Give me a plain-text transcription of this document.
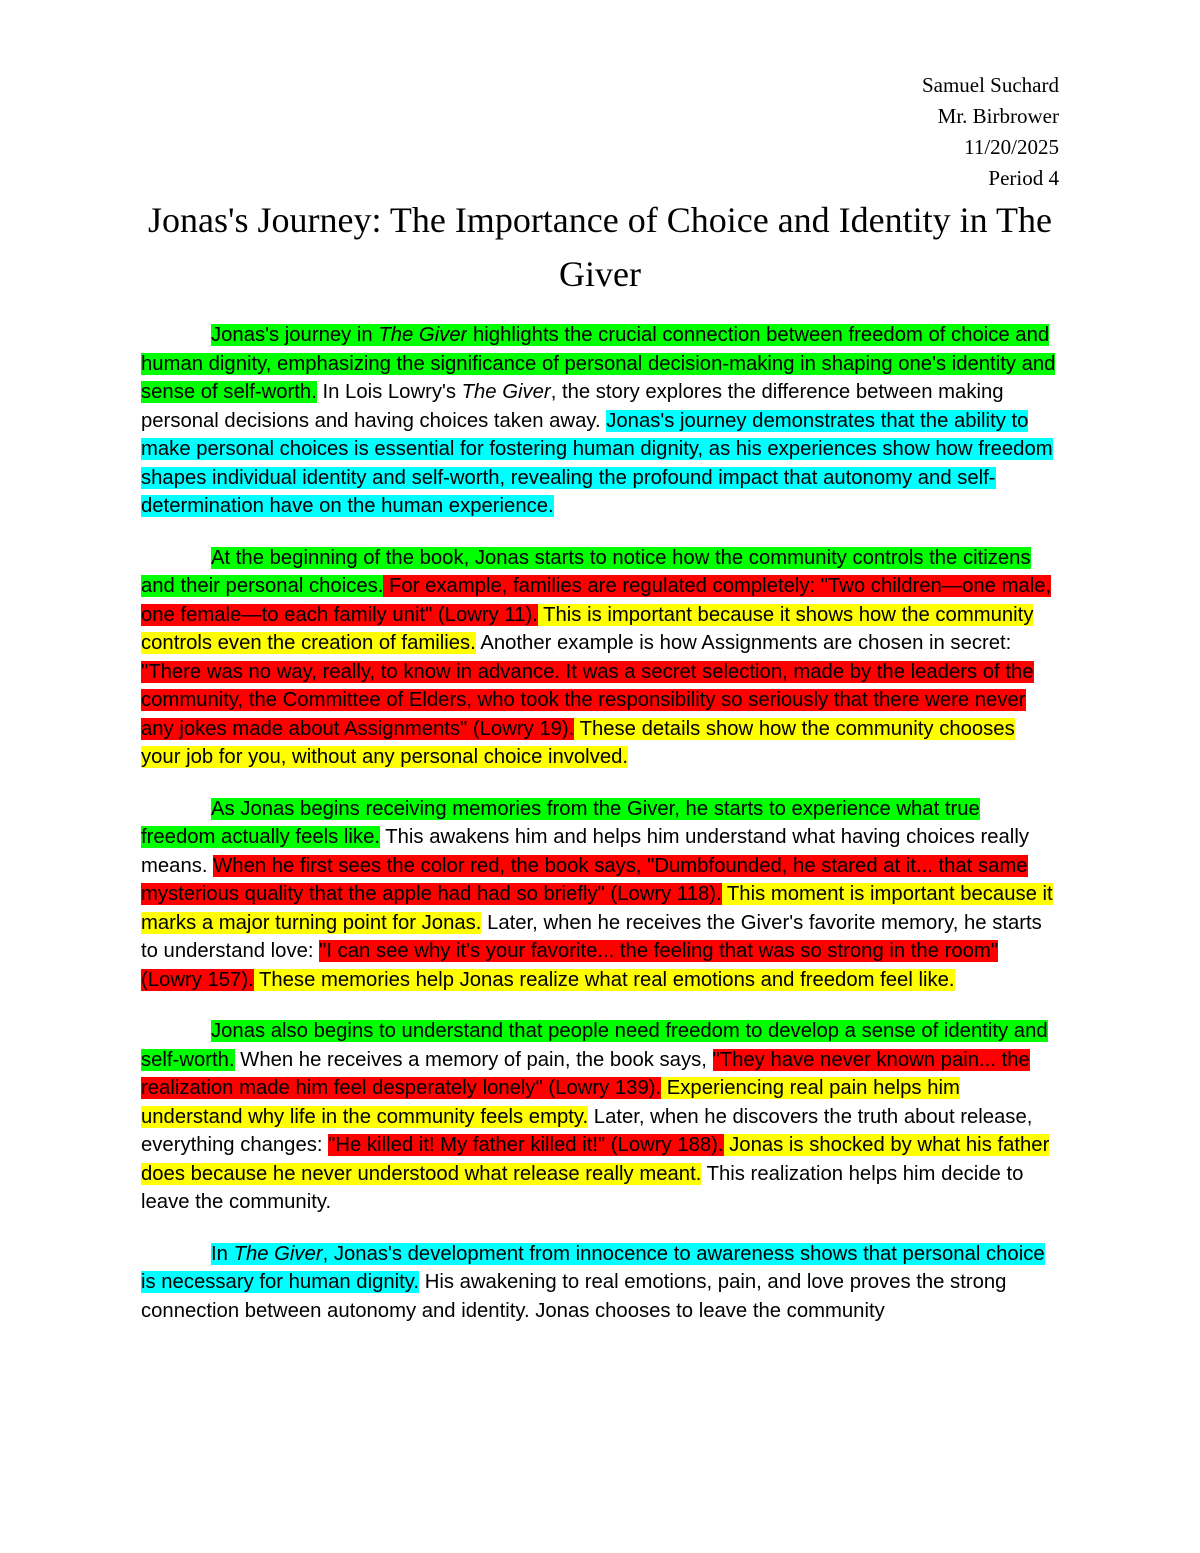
Samuel Suchard
Mr. Birbrower
11/20/2025
Period 4
Jonas's Journey: The Importance of Choice and Identity in The Giver

Jonas's journey in The Giver highlights the crucial connection between freedom of choice and human dignity, emphasizing the significance of personal decision-making in shaping one's identity and sense of self-worth. In Lois Lowry's The Giver, the story explores the difference between making personal decisions and having choices taken away. Jonas's journey demonstrates that the ability to make personal choices is essential for fostering human dignity, as his experiences show how freedom shapes individual identity and self-worth, revealing the profound impact that autonomy and self-determination have on the human experience.

At the beginning of the book, Jonas starts to notice how the community controls the citizens and their personal choices. For example, families are regulated completely: "Two children—one male, one female—to each family unit" (Lowry 11). This is important because it shows how the community controls even the creation of families. Another example is how Assignments are chosen in secret: "There was no way, really, to know in advance. It was a secret selection, made by the leaders of the community, the Committee of Elders, who took the responsibility so seriously that there were never any jokes made about Assignments" (Lowry 19). These details show how the community chooses your job for you, without any personal choice involved.

As Jonas begins receiving memories from the Giver, he starts to experience what true freedom actually feels like. This awakens him and helps him understand what having choices really means. When he first sees the color red, the book says, "Dumbfounded, he stared at it... that same mysterious quality that the apple had had so briefly" (Lowry 118). This moment is important because it marks a major turning point for Jonas. Later, when he receives the Giver's favorite memory, he starts to understand love: "I can see why it's your favorite... the feeling that was so strong in the room" (Lowry 157). These memories help Jonas realize what real emotions and freedom feel like.

Jonas also begins to understand that people need freedom to develop a sense of identity and self-worth. When he receives a memory of pain, the book says, "They have never known pain... the realization made him feel desperately lonely" (Lowry 139). Experiencing real pain helps him understand why life in the community feels empty. Later, when he discovers the truth about release, everything changes: "He killed it! My father killed it!" (Lowry 188). Jonas is shocked by what his father does because he never understood what release really meant. This realization helps him decide to leave the community.

In The Giver, Jonas's development from innocence to awareness shows that personal choice is necessary for human dignity. His awakening to real emotions, pain, and love proves the strong connection between autonomy and identity. Jonas chooses to leave the community
